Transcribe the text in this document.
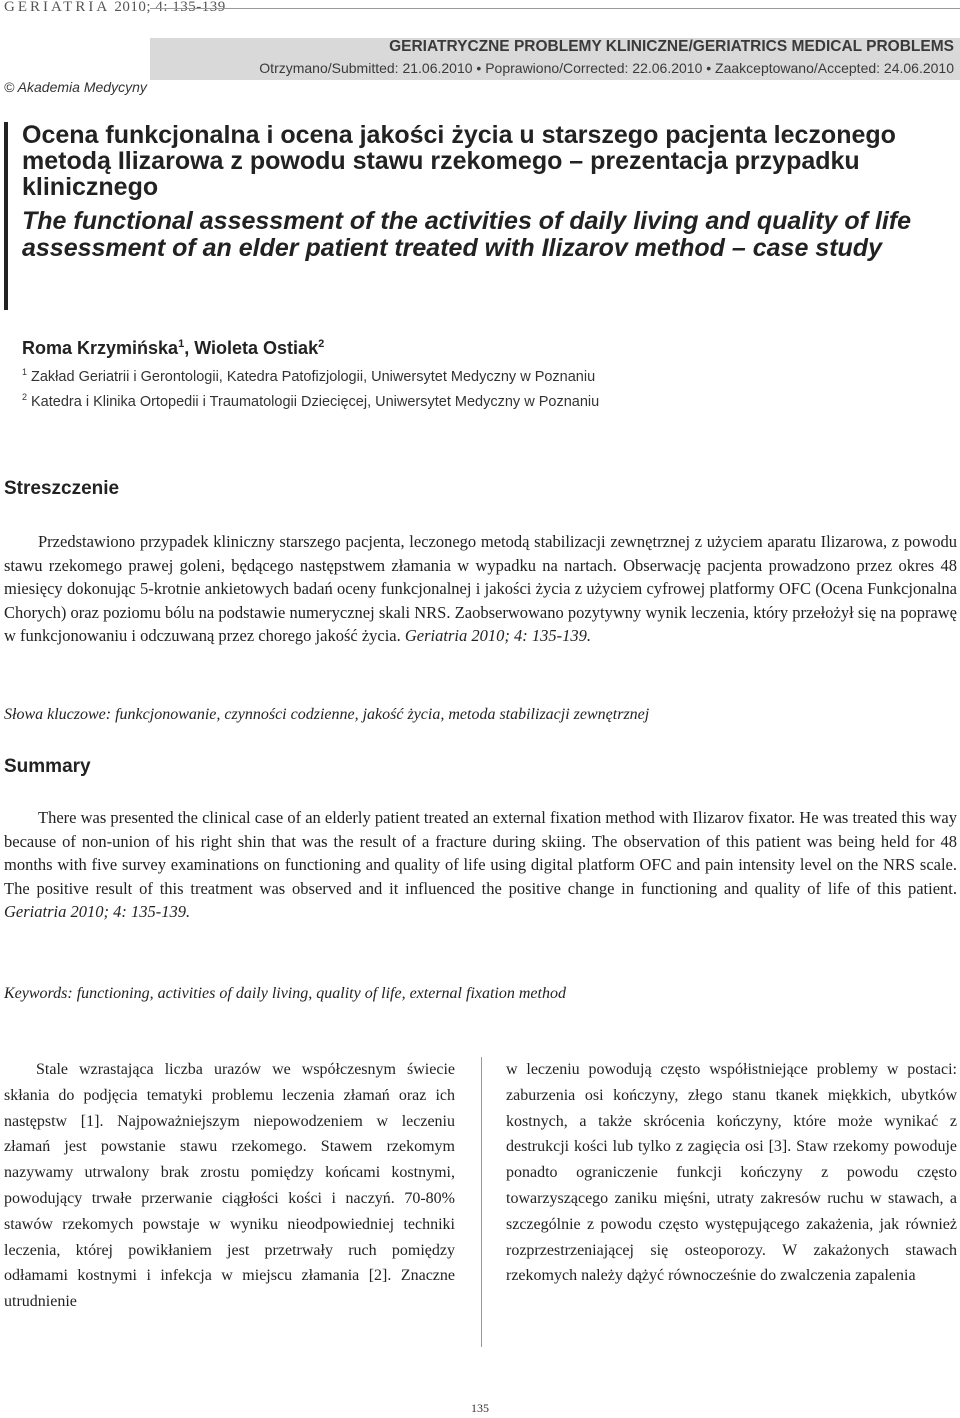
GERIATRIA 2010; 4: 135-139
GERIATRYCZNE PROBLEMY KLINICZNE/GERIATRICS MEDICAL PROBLEMS
Otrzymano/Submitted: 21.06.2010 • Poprawiono/Corrected: 22.06.2010 • Zaakceptowano/Accepted: 24.06.2010
© Akademia Medycyny
Ocena funkcjonalna i ocena jakości życia u starszego pacjenta leczonego metodą Ilizarowa z powodu stawu rzekomego – prezentacja przypadku klinicznego
The functional assessment of the activities of daily living and quality of life assessment of an elder patient treated with Ilizarov method – case study
Roma Krzymińska$^1$, Wioleta Ostiak$^2$
$^1$ Zakład Geriatrii i Gerontologii, Katedra Patofizjologii, Uniwersytet Medyczny w Poznaniu
$^2$ Katedra i Klinika Ortopedii i Traumatologii Dziecięcej, Uniwersytet Medyczny w Poznaniu
Streszczenie

Przedstawiono przypadek kliniczny starszego pacjenta, leczonego metodą stabilizacji zewnętrznej z użyciem aparatu Ilizarowa, z powodu stawu rzekomego prawej goleni, będącego następstwem złamania w wypadku na nartach. Obserwację pacjenta prowadzono przez okres 48 miesięcy dokonując 5-krotnie ankietowych badań oceny funkcjonalnej i jakości życia z użyciem cyfrowej platformy OFC (Ocena Funkcjonalna Chorych) oraz poziomu bólu na podstawie numerycznej skali NRS. Zaobserwowano pozytywny wynik leczenia, który przełożył się na poprawę w funkcjonowaniu i odczuwaną przez chorego jakość życia. Geriatria 2010; 4: 135-139.

Słowa kluczowe: funkcjonowanie, czynności codzienne, jakość życia, metoda stabilizacji zewnętrznej
Summary

There was presented the clinical case of an elderly patient treated an external fixation method with Ilizarov fixator. He was treated this way because of non-union of his right shin that was the result of a fracture during skiing. The observation of this patient was being held for 48 months with five survey examinations on functioning and quality of life using digital platform OFC and pain intensity level on the NRS scale. The positive result of this treatment was observed and it influenced the positive change in functioning and quality of life of this patient. Geriatria 2010; 4: 135-139.

Keywords: functioning, activities of daily living, quality of life, external fixation method

Stale wzrastająca liczba urazów we współczesnym świecie skłania do podjęcia tematyki problemu leczenia złamań oraz ich następstw [1]. Najpoważniejszym niepowodzeniem w leczeniu złamań jest powstanie stawu rzekomego. Stawem rzekomym nazywamy utrwalony brak zrostu pomiędzy końcami kostnymi, powodujący trwałe przerwanie ciągłości kości i naczyń. 70-80% stawów rzekomych powstaje w wyniku nieodpowiedniej techniki leczenia, której powikłaniem jest przetrwały ruch pomiędzy odłamami kostnymi i infekcja w miejscu złamania [2]. Znaczne utrudnienie

w leczeniu powodują często współistniejące problemy w postaci: zaburzenia osi kończyny, złego stanu tkanek miękkich, ubytków kostnych, a także skrócenia kończyny, które może wynikać z destrukcji kości lub tylko z zagięcia osi [3]. Staw rzekomy powoduje ponadto ograniczenie funkcji kończyny z powodu często towarzyszącego zaniku mięśni, utraty zakresów ruchu w stawach, a szczególnie z powodu często występującego zakażenia, jak również rozprzestrzeniającej się osteoporozy. W zakażonych stawach rzekomych należy dążyć równocześnie do zwalczenia zapalenia

135
